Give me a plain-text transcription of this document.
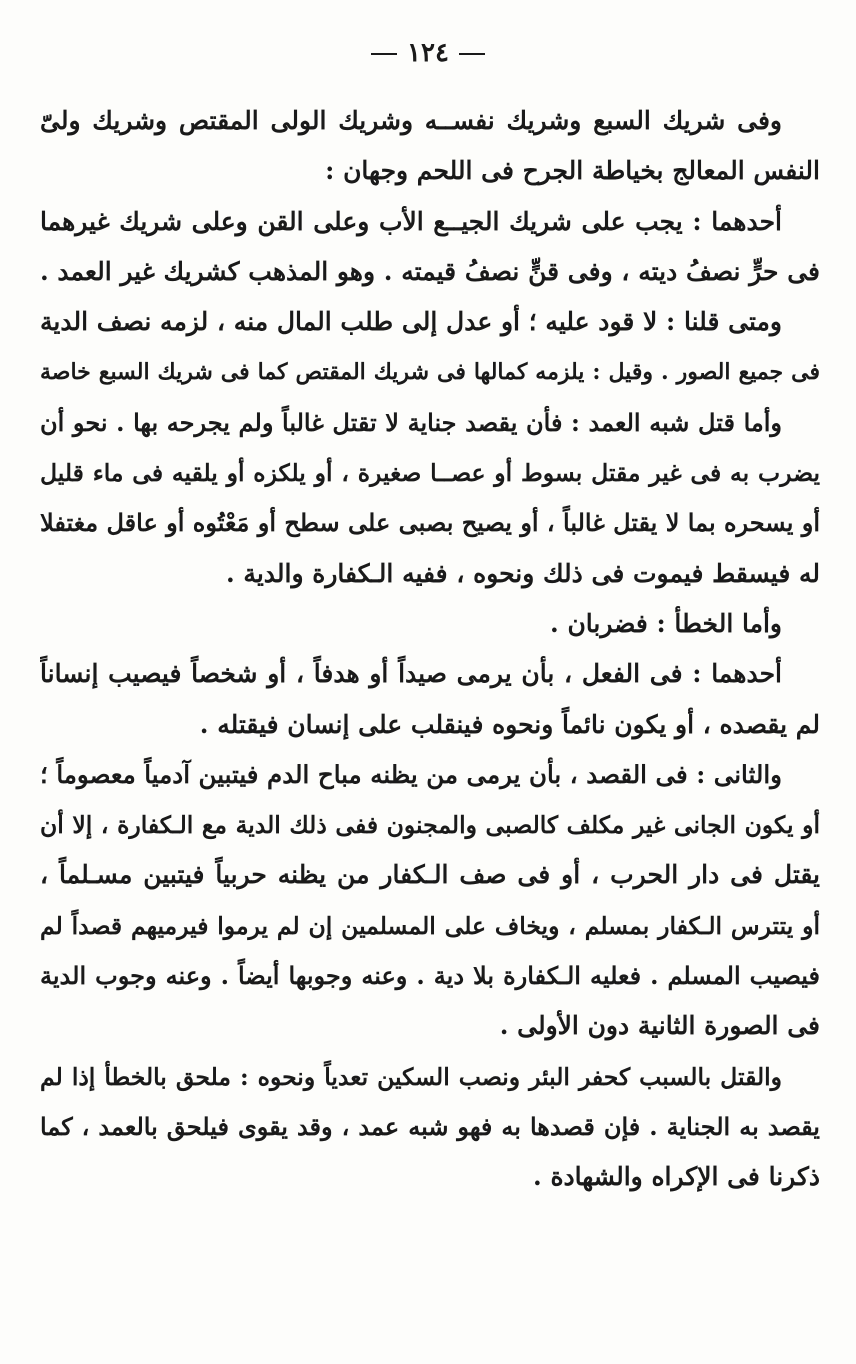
١٢٤
وفى شريك السبع وشريك نفســه وشريك الولى المقتص وشريك ولىّ
النفس المعالج بخياطة الجرح فى اللحم وجهان :
أحدهما : يجب على شريك الجيــع الأب وعلى القن وعلى شريك غيرهما
فى حرٍّ نصفُ ديته ، وفى قنٍّ نصفُ قيمته . وهو المذهب كشريك غير العمد .
ومتى قلنا : لا قود عليه ؛ أو عدل إلى طلب المال منه ، لزمه نصف الدية
فى جميع الصور . وقيل : يلزمه كمالها فى شريك المقتص كما فى شريك السبع خاصة
وأما قتل شبه العمد : فأن يقصد جناية لا تقتل غالباً ولم يجرحه بها . نحو أن
يضرب به فى غير مقتل بسوط أو عصــا صغيرة ، أو يلكزه أو يلقيه فى ماء قليل
أو يسحره بما لا يقتل غالباً ، أو يصيح بصبى على سطح أو مَعْتُوه أو عاقل مغتفلا
له فيسقط فيموت فى ذلك ونحوه ، ففيه الـكفارة والدية .
وأما الخطأ : فضربان .
أحدهما : فى الفعل ، بأن يرمى صيداً أو هدفاً ، أو شخصاً فيصيب إنساناً
لم يقصده ، أو يكون نائماً ونحوه فينقلب على إنسان فيقتله .
والثانى : فى القصد ، بأن يرمى من يظنه مباح الدم فيتبين آدمياً معصوماً ؛
أو يكون الجانى غير مكلف كالصبى والمجنون ففى ذلك الدية مع الـكفارة ، إلا أن
يقتل فى دار الحرب ، أو فى صف الـكفار من يظنه حربياً فيتبين مسـلماً ،
أو يتترس الـكفار بمسلم ، ويخاف على المسلمين إن لم يرموا فيرميهم قصداً لم
فيصيب المسلم . فعليه الـكفارة بلا دية . وعنه وجوبها أيضاً . وعنه وجوب الدية
فى الصورة الثانية دون الأولى .
والقتل بالسبب كحفر البئر ونصب السكين تعدياً ونحوه : ملحق بالخطأ إذا لم
يقصد به الجناية . فإن قصدها به فهو شبه عمد ، وقد يقوى فيلحق بالعمد ، كما
ذكرنا فى الإكراه والشهادة .
